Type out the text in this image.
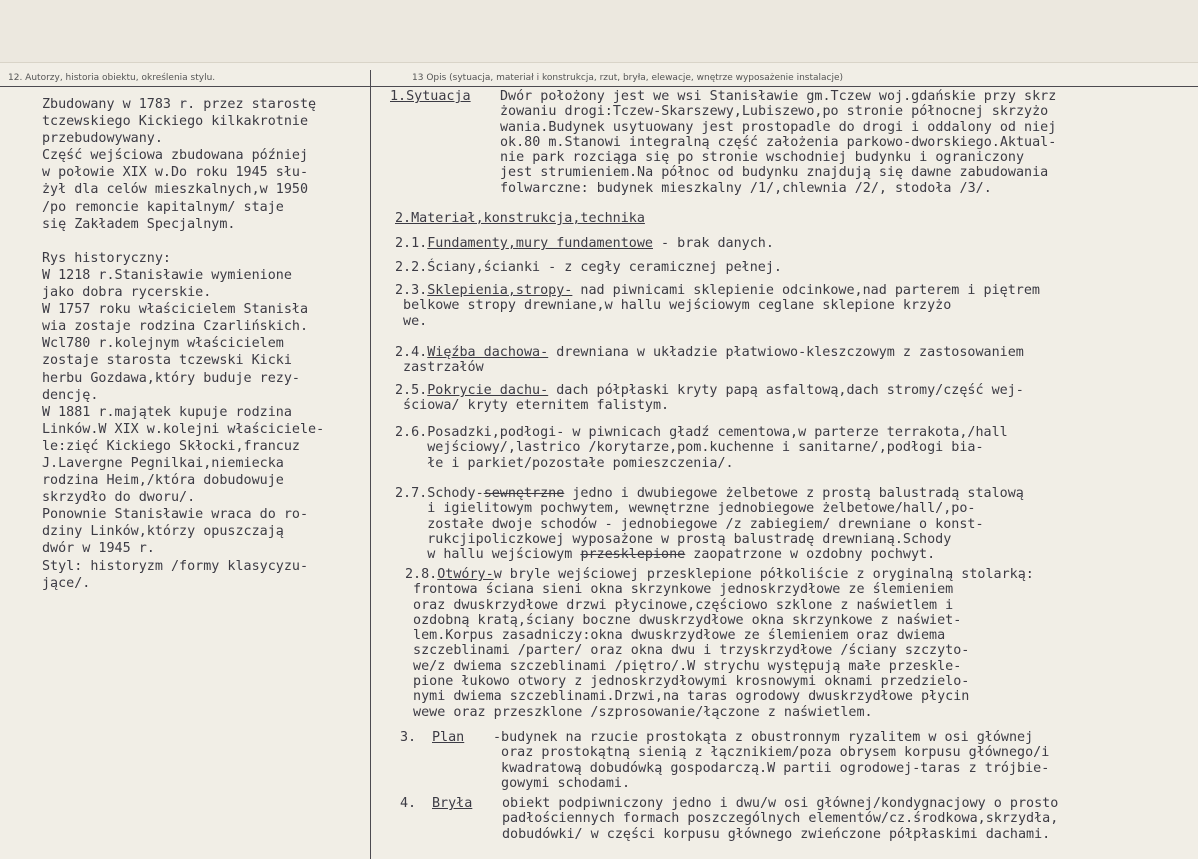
12. Autorzy, historia obiektu, określenia stylu.	13 Opis (sytuacja, materiał i konstrukcja, rzut, bryła, elewacje, wnętrze wyposażenie instalacje)
Zbudowany w 1783 r. przez starostę
tczewskiego Kickiego kilkakrotnie
przebudowywany.
Część wejściowa zbudowana później
w połowie XIX w.Do roku 1945 słu-
żył dla celów mieszkalnych,w 1950
/po remoncie kapitalnym/ staje
się Zakładem Specjalnym.

Rys historyczny:
W 1218 r.Stanisławie wymienione
jako dobra rycerskie.
W 1757 roku właścicielem Stanisła
wia zostaje rodzina Czarlińskich.
Wcl780 r.kolejnym właścicielem
zostaje starosta tczewski Kicki
herbu Gozdawa,który buduje rezy-
dencję.
W 1881 r.majątek kupuje rodzina
Linków.W XIX w.kolejni właściciele-
le:zięć Kickiego Skłocki,francuz
J.Lavergne Pegnilkai,niemiecka
rodzina Heim,/która dobudowuje
skrzydło do dworu/.
Ponownie Stanisławie wraca do ro-
dziny Linków,którzy opuszczają
dwór w 1945 r.
Styl: historyzm /formy klasycyzu-
jące/.
1.Sytuacja Dwór położony jest we wsi Stanisławie gm.Tczew woj.gdańskie przy skrz
żowaniu drogi:Tczew-Skarszewy,Lubiszewo,po stronie północnej skrzyżo
wania.Budynek usytuowany jest prostopadle do drogi i oddalony od niej
ok.80 m.Stanowi integralną część założenia parkowo-dworskiego.Aktual-
nie park rozciąga się po stronie wschodniej budynku i ograniczony
jest strumieniem.Na północ od budynku znajdują się dawne zabudowania
folwarczne: budynek mieszkalny /1/,chlewnia /2/, stodoła /3/.
2.Materiał,konstrukcja,technika
2.1.Fundamenty,mury fundamentowe - brak danych.
2.2.Ściany,ścianki - z cegły ceramicznej pełnej.
2.3.Sklepienia,stropy- nad piwnicami sklepienie odcinkowe,nad parterem i piętrem
belkowe stropy drewniane,w hallu wejściowym ceglane sklepione krzyżo
we.
2.4.Więźba dachowa- drewniana w układzie płatwiowo-kleszczowym z zastosowaniem
zastrzałów
2.5.Pokrycie dachu- dach półpłaski kryty papą asfaltową,dach stromy/część wej-
ściowa/ kryty eternitem falistym.
2.6.Posadzki,podłogi- w piwnicach gładź cementowa,w parterze terrakota,/hall
wejściowy/,lastrico /korytarze,pom.kuchenne i sanitarne/,podłogi bia-
łe i parkiet/pozostałe pomieszczenia/.
2.7.Schody-sewnętrzne jedno i dwubiegowe żelbetowe z prostą balustradą stalową
i igielitowym pochwytem, wewnętrzne jednobiegowe żelbetowe/hall/,po-
zostałe dwoje schodów - jednobiegowe /z zabiegiem/ drewniane o konst-
rukcjipoliczkowej wyposażone w prostą balustradę drewnianą.Schody
w hallu wejściowym przesklepione zaopatrzone w ozdobny pochwyt.
2.8.Otwóry-w bryle wejściowej przesklepione półkoliście z oryginalną stolarką:
frontowa ściana sieni okna skrzynkowe jednoskrzydłowe ze ślemieniem
oraz dwuskrzydłowe drzwi płycinowe,częściowo szklone z naświetlem i
ozdobną kratą,ściany boczne dwuskrzydłowe okna skrzynkowe z naświet-
lem.Korpus zasadniczy:okna dwuskrzydłowe ze ślemieniem oraz dwiema
szczeblinami /parter/ oraz okna dwu i trzyskrzydłowe /ściany szczyto-
we/z dwiema szczeblinami /piętro/.W strychu występują małe przeskle-
pione łukowo otwory z jednoskrzydłowymi krosnowymi oknami przedzielo-
nymi dwiema szczeblinami.Drzwi,na taras ogrodowy dwuskrzydłowe płycin
wewe oraz przeszklone /szprosowanie/łączone z naświetlem.
3. Plan -budynek na rzucie prostokąta z obustronnym ryzalitem w osi głównej
oraz prostokątną sienią z łącznikiem/poza obrysem korpusu głównego/i
kwadratową dobudówką gospodarczą.W partii ogrodowej-taras z trójbie-
gowymi schodami.
4. Bryła obiekt podpiwniczony jedno i dwu/w osi głównej/kondygnacjowy o prosto
padłościennych formach poszczególnych elementów/cz.środkowa,skrzydła,
dobudówki/ w części korpusu głównego zwieńczone półpłaskimi dachami.
